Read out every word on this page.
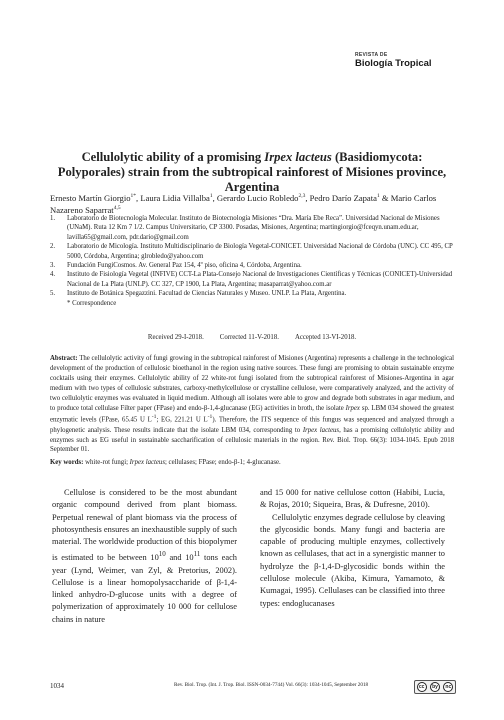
REVISTA DE
Biología Tropical
Cellulolytic ability of a promising Irpex lacteus (Basidiomycota: Polyporales) strain from the subtropical rainforest of Misiones province, Argentina
Ernesto Martín Giorgio$^{1*}$, Laura Lidia Villalba$^1$, Gerardo Lucio Robledo$^{2,3}$, Pedro Darío Zapata$^1$ & Mario Carlos Nazareno Saparrat$^{4,5}$
1. Laboratorio de Biotecnología Molecular. Instituto de Biotecnología Misiones “Dra. María Ebe Reca”. Universidad Nacional de Misiones (UNaM). Ruta 12 Km 7 1/2. Campus Universitario, CP 3300. Posadas, Misiones, Argentina; martingiorgio@fceqyn.unam.edu.ar, lavilla65@gmail.com, pdr.dario@gmail.com
2. Laboratorio de Micología. Instituto Multidisciplinario de Biología Vegetal-CONICET. Universidad Nacional de Córdoba (UNC). CC 495, CP 5000, Córdoba, Argentina; glrobledo@yahoo.com
3. Fundación FungiCosmos. Av. General Paz 154, 4º piso, oficina 4, Córdoba, Argentina.
4. Instituto de Fisiología Vegetal (INFIVE) CCT-La Plata-Consejo Nacional de Investigaciones Científicas y Técnicas (CONICET)-Universidad Nacional de La Plata (UNLP). CC 327, CP 1900, La Plata, Argentina; masaparrat@yahoo.com.ar
5. Instituto de Botánica Spegazzini. Facultad de Ciencias Naturales y Museo. UNLP. La Plata, Argentina.
* Correspondence
Received 29-I-2018. Corrected 11-V-2018. Accepted 13-VI-2018.
Abstract: The cellulolytic activity of fungi growing in the subtropical rainforest of Misiones (Argentina) represents a challenge in the technological development of the production of cellulosic bioethanol in the region using native sources. These fungi are promising to obtain sustainable enzyme cocktails using their enzymes. Cellulolytic ability of 22 white-rot fungi isolated from the subtropical rainforest of Misiones-Argentina in agar medium with two types of cellulosic substrates, carboxy-methylcellulose or crystalline cellulose, were comparatively analyzed, and the activity of two cellulolytic enzymes was evaluated in liquid medium. Although all isolates were able to grow and degrade both substrates in agar medium, and to produce total cellulase Filter paper (FPase) and endo-β-1,4-glucanase (EG) activities in broth, the isolate Irpex sp. LBM 034 showed the greatest enzymatic levels (FPase, 65.45 U $L^{-1}$; EG, 221.21 U $L^{-1}$). Therefore, the ITS sequence of this fungus was sequenced and analyzed through a phylogenetic analysis. These results indicate that the isolate LBM 034, corresponding to Irpex lacteus, has a promising cellulolytic ability and enzymes such as EG useful in sustainable saccharification of cellulosic materials in the region. Rev. Biol. Trop. 66(3): 1034-1045. Epub 2018 September 01.
Key words: white-rot fungi; Irpex lacteus; cellulases; FPase; endo-β-1; 4-glucanase.

Cellulose is considered to be the most abundant organic compound derived from plant biomass. Perpetual renewal of plant biomass via the process of photosynthesis ensures an inexhaustible supply of such material. The worldwide production of this biopolymer is estimated to be between $10^{10}$ and $10^{11}$ tons each year (Lynd, Weimer, van Zyl, & Pretorius, 2002). Cellulose is a linear homopolysaccharide of β-1,4-linked anhydro-D-glucose units with a degree of polymerization of approximately 10 000 for cellulose chains in nature

and 15 000 for native cellulose cotton (Habibi, Lucia, & Rojas, 2010; Siqueira, Bras, & Dufresne, 2010).

Cellulolytic enzymes degrade cellulose by cleaving the glycosidic bonds. Many fungi and bacteria are capable of producing multiple enzymes, collectively known as cellulases, that act in a synergistic manner to hydrolyze the β-1,4-D-glycosidic bonds within the cellulose molecule (Akiba, Kimura, Yamamoto, & Kumagai, 1995). Cellulases can be classified into three types: endoglucanases

1034	Rev. Biol. Trop. (Int. J. Trop. Biol. ISSN-0034-7744) Vol. 66(3): 1034-1045, September 2018	cc	by	nc
